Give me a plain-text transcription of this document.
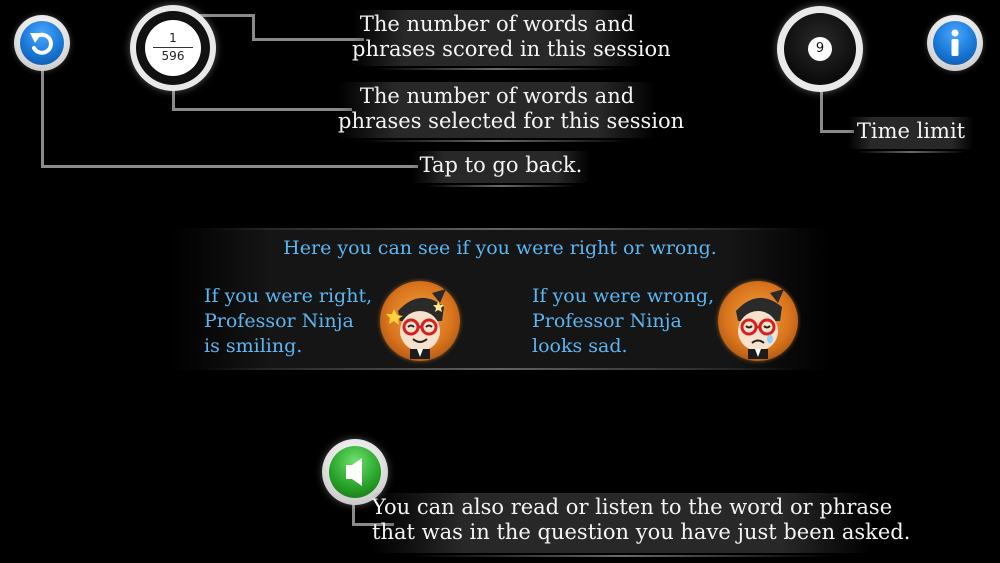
1
596	9
The number of words and
phrases scored in this session
The number of words and
phrases selected for this session
Tap to go back.
Time limit
Here you can see if you were right or wrong.
If you were right,
Professor Ninja
is smiling.
If you were wrong,
Professor Ninja
looks sad.
You can also read or listen to the word or phrase
that was in the question you have just been asked.
